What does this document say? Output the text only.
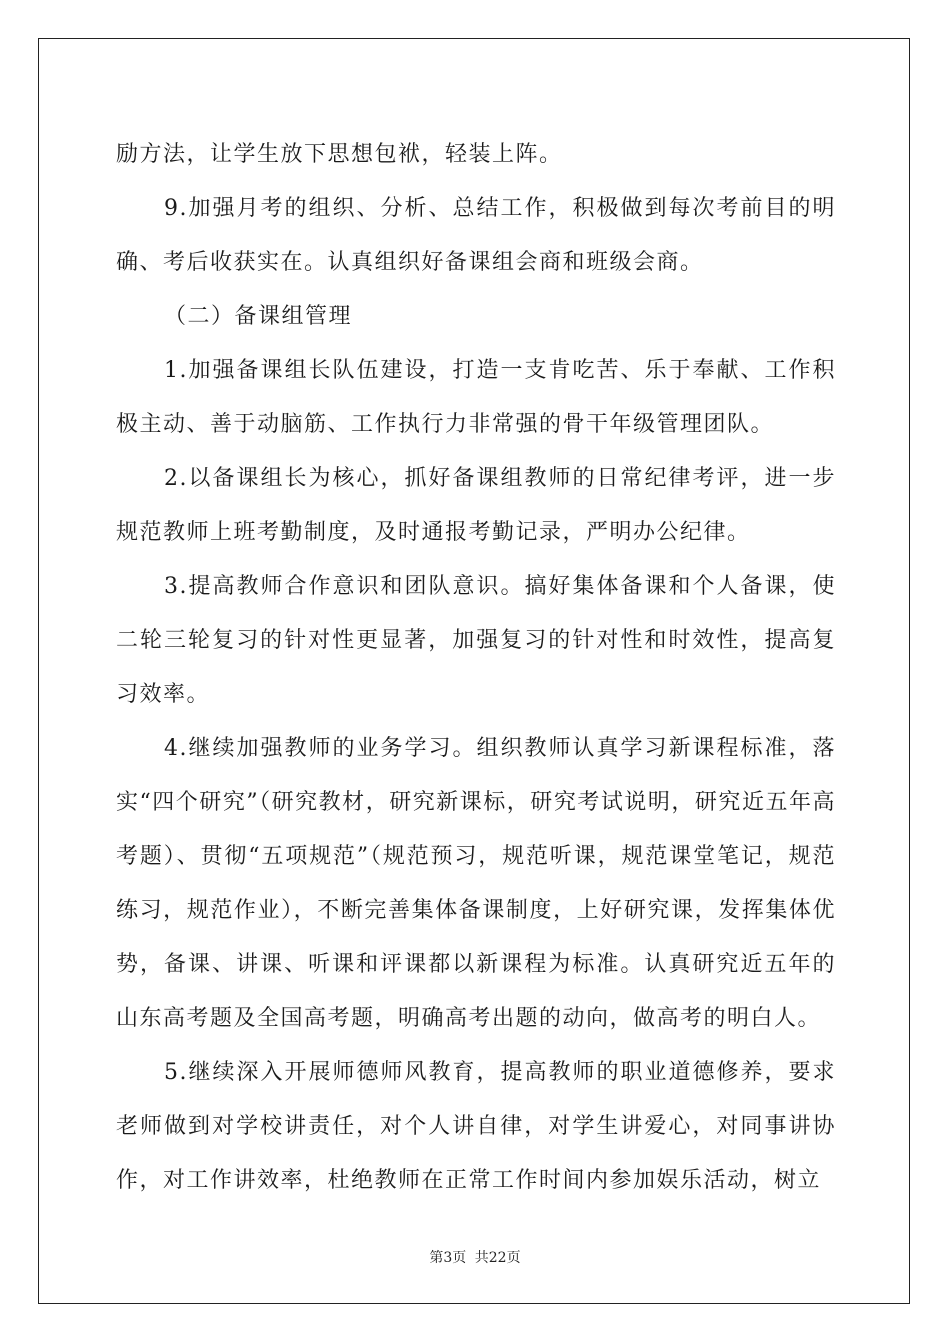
励方法，让学生放下思想包袱，轻装上阵。

9.加强月考的组织、分析、总结工作，积极做到每次考前目的明确、考后收获实在。认真组织好备课组会商和班级会商。

（二）备课组管理

1.加强备课组长队伍建设，打造一支肯吃苦、乐于奉献、工作积极主动、善于动脑筋、工作执行力非常强的骨干年级管理团队。

2.以备课组长为核心，抓好备课组教师的日常纪律考评，进一步规范教师上班考勤制度，及时通报考勤记录，严明办公纪律。

3.提高教师合作意识和团队意识。搞好集体备课和个人备课，使二轮三轮复习的针对性更显著，加强复习的针对性和时效性，提高复习效率。

4.继续加强教师的业务学习。组织教师认真学习新课程标准，落实“四个研究”（研究教材，研究新课标，研究考试说明，研究近五年高考题）、贯彻“五项规范”（规范预习，规范听课，规范课堂笔记，规范练习，规范作业），不断完善集体备课制度，上好研究课，发挥集体优势，备课、讲课、听课和评课都以新课程为标准。认真研究近五年的山东高考题及全国高考题，明确高考出题的动向，做高考的明白人。

5.继续深入开展师德师风教育，提高教师的职业道德修养，要求老师做到对学校讲责任，对个人讲自律，对学生讲爱心，对同事讲协作，对工作讲效率，杜绝教师在正常工作时间内参加娱乐活动，树立

第3页 共22页
